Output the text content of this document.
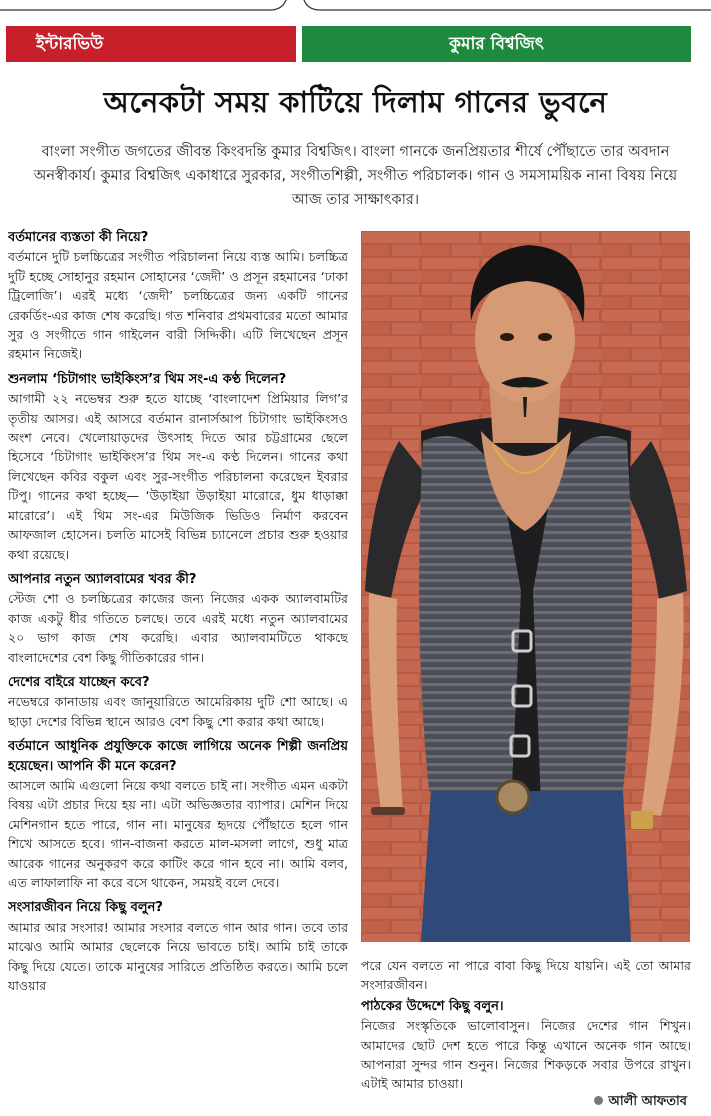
ইন্টারভিউ	কুমার বিশ্বজিৎ
অনেকটা সময় কাটিয়ে দিলাম গানের ভুবনে
বাংলা সংগীত জগতের জীবন্ত কিংবদন্তি কুমার বিশ্বজিৎ। বাংলা গানকে জনপ্রিয়তার শীর্ষে পৌঁছাতে তার অবদান অনস্বীকার্য। কুমার বিশ্বজিৎ একাধারে সুরকার, সংগীতশিল্পী, সংগীত পরিচালক। গান ও সমসাময়িক নানা বিষয় নিয়ে আজ তার সাক্ষাৎকার।

বর্তমানের ব্যস্ততা কী নিয়ে?

বর্তমানে দুটি চলচ্চিত্রের সংগীত পরিচালনা নিয়ে ব্যস্ত আমি। চলচ্চিত্র দুটি হচ্ছে সোহানুর রহমান সোহানের ‘জেদী’ ও প্রসূন রহমানের ‘ঢাকা ট্রিলোজি’। এরই মধ্যে ‘জেদী’ চলচ্চিত্রের জন্য একটি গানের রেকর্ডিং-এর কাজ শেষ করেছি। গত শনিবার প্রথমবারের মতো আমার সুর ও সংগীতে গান গাইলেন বারী সিদ্দিকী। এটি লিখেছেন প্রসূন রহমান নিজেই।

শুনলাম ‘চিটাগাং ভাইকিংস’র থিম সং-এ কণ্ঠ দিলেন?

আগামী ২২ নভেম্বর শুরু হতে যাচ্ছে ‘বাংলাদেশ প্রিমিয়ার লিগ’র তৃতীয় আসর। এই আসরে বর্তমান রানার্সআপ চিটাগাং ভাইকিংসও অংশ নেবে। খেলোয়াড়দের উৎসাহ দিতে আর চট্টগ্রামের ছেলে হিসেবে ‘চিটাগাং ভাইকিংস’র থিম সং-এ কণ্ঠ দিলেন। গানের কথা লিখেছেন কবির বকুল এবং সুর-সংগীত পরিচালনা করেছেন ইবরার টিপু। গানের কথা হচ্ছে— ‘উড়াইয়া উড়াইয়া মারোরে, ধুম ধাড়াক্কা মারোরে’। এই থিম সং-এর মিউজিক ভিডিও নির্মাণ করবেন আফজাল হোসেন। চলতি মাসেই বিভিন্ন চ্যানেলে প্রচার শুরু হওয়ার কথা রয়েছে।

আপনার নতুন অ্যালবামের খবর কী?

স্টেজ শো ও চলচ্চিত্রের কাজের জন্য নিজের একক অ্যালবামটির কাজ একটু ধীর গতিতে চলছে। তবে এরই মধ্যে নতুন অ্যালবামের ২০ ভাগ কাজ শেষ করেছি। এবার অ্যালবামটিতে থাকছে বাংলাদেশের বেশ কিছু গীতিকারের গান।

দেশের বাইরে যাচ্ছেন কবে?

নভেম্বরে কানাডায় এবং জানুয়ারিতে আমেরিকায় দুটি শো আছে। এ ছাড়া দেশের বিভিন্ন স্থানে আরও বেশ কিছু শো করার কথা আছে।

বর্তমানে আধুনিক প্রযুক্তিকে কাজে লাগিয়ে অনেক শিল্পী জনপ্রিয় হয়েছেন। আপনি কী মনে করেন?

আসলে আমি এগুলো নিয়ে কথা বলতে চাই না। সংগীত এমন একটা বিষয় এটা প্রচার দিয়ে হয় না। এটা অভিজ্ঞতার ব্যাপার। মেশিন দিয়ে মেশিনগান হতে পারে, গান না। মানুষের হৃদয়ে পৌঁছাতে হলে গান শিখে আসতে হবে। গান-বাজনা করতে মাল-মসলা লাগে, শুধু মাত্র আরেক গানের অনুকরণ করে কাটিং করে গান হবে না। আমি বলব, এত লাফালাফি না করে বসে থাকেন, সময়ই বলে দেবে।

সংসারজীবন নিয়ে কিছু বলুন?

আমার আর সংসার! আমার সংসার বলতে গান আর গান। তবে তার মাঝেও আমি আমার ছেলেকে নিয়ে ভাবতে চাই। আমি চাই তাকে কিছু দিয়ে যেতে। তাকে মানুষের সারিতে প্রতিষ্ঠিত করতে। আমি চলে যাওয়ার

পরে যেন বলতে না পারে বাবা কিছু দিয়ে যায়নি। এই তো আমার সংসারজীবন।

পাঠকের উদ্দেশে কিছু বলুন।

নিজের সংস্কৃতিকে ভালোবাসুন। নিজের দেশের গান শিখুন। আমাদের ছোট দেশ হতে পারে কিন্তু এখানে অনেক গান আছে। আপনারা সুন্দর গান শুনুন। নিজের শিকড়কে সবার উপরে রাখুন। এটাই আমার চাওয়া।

আলী আফতাব
